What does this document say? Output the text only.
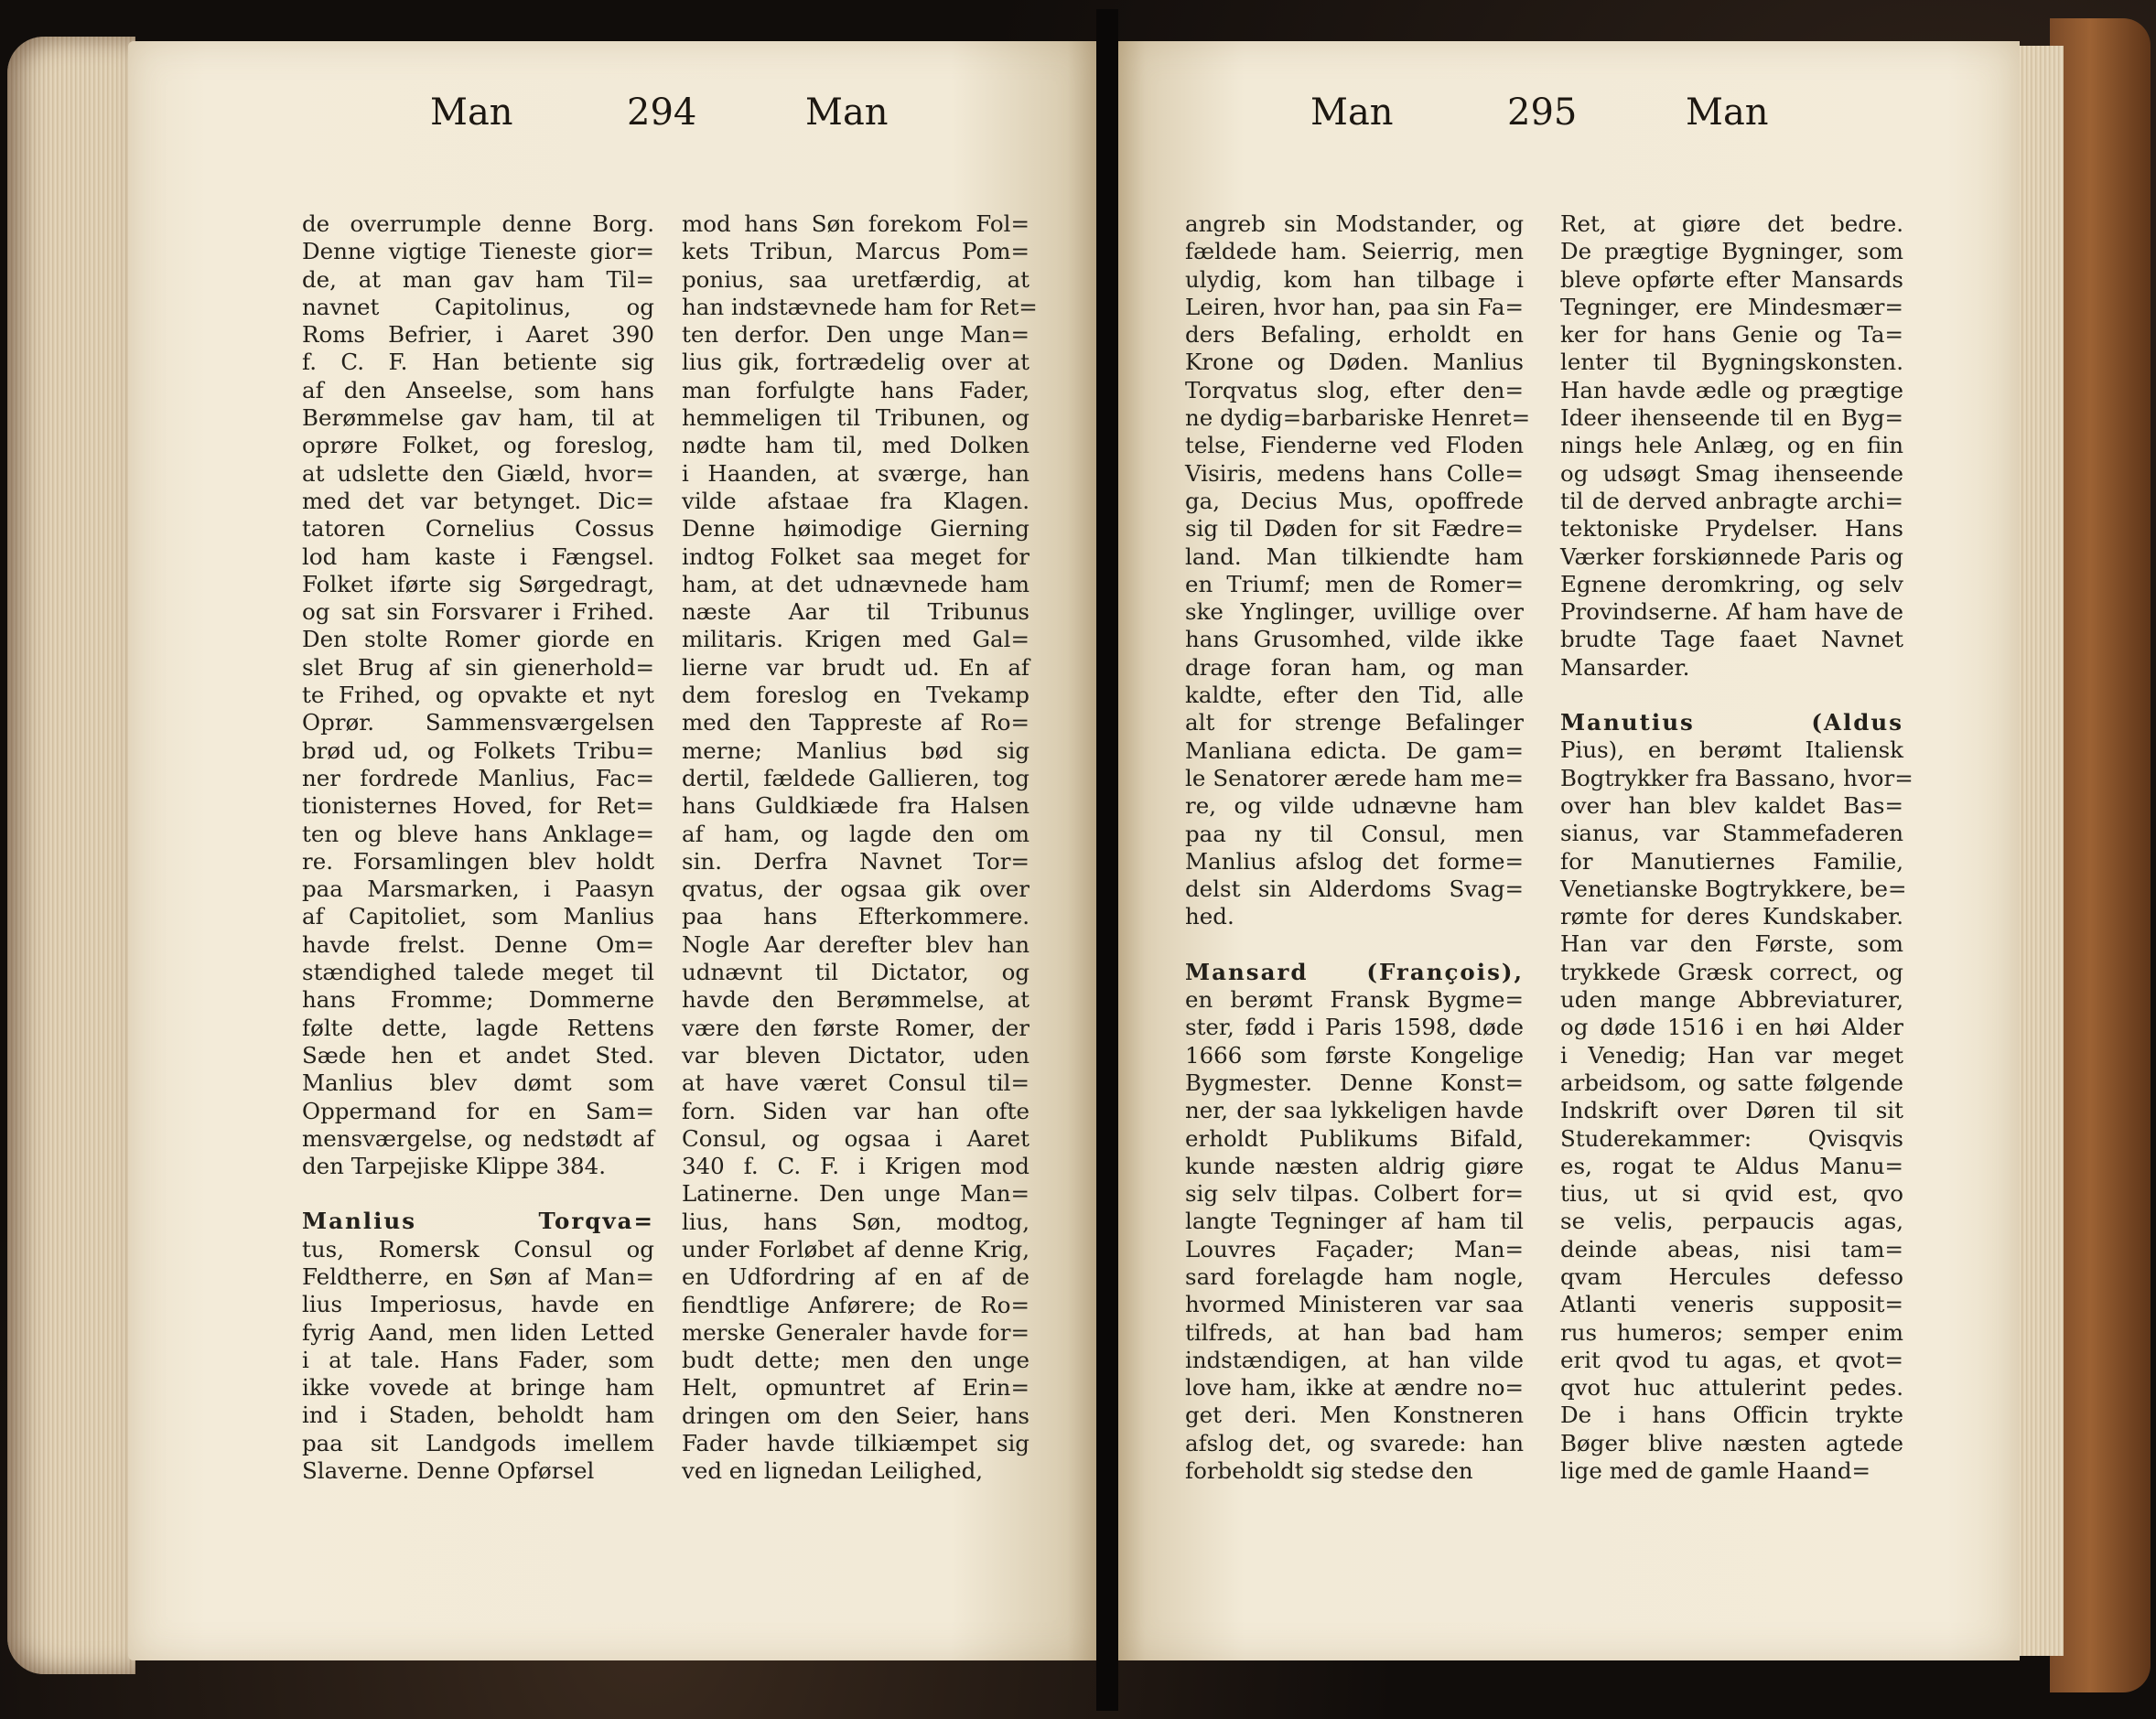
Man	294	Man	Man	295	Man
de overrumple denne Borg.
Denne vigtige Tieneste gior=
de, at man gav ham Til=
navnet Capitolinus, og
Roms Befrier, i Aaret 390
f. C. F. Han betiente sig
af den Anseelse, som hans
Berømmelse gav ham, til at
oprøre Folket, og foreslog,
at udslette den Giæld, hvor=
med det var betynget. Dic=
tatoren Cornelius Cossus
lod ham kaste i Fængsel.
Folket iførte sig Sørgedragt,
og sat sin Forsvarer i Frihed.
Den stolte Romer giorde en
slet Brug af sin gienerhold=
te Frihed, og opvakte et nyt
Oprør. Sammensværgelsen
brød ud, og Folkets Tribu=
ner fordrede Manlius, Fac=
tionisternes Hoved, for Ret=
ten og bleve hans Anklage=
re. Forsamlingen blev holdt
paa Marsmarken, i Paasyn
af Capitoliet, som Manlius
havde frelst. Denne Om=
stændighed talede meget til
hans Fromme; Dommerne
følte dette, lagde Rettens
Sæde hen et andet Sted.
Manlius blev dømt som
Oppermand for en Sam=
mensværgelse, og nedstødt af
den Tarpejiske Klippe 384.
Manlius Torqva=
tus, Romersk Consul og
Feldtherre, en Søn af Man=
lius Imperiosus, havde en
fyrig Aand, men liden Letted
i at tale. Hans Fader, som
ikke vovede at bringe ham
ind i Staden, beholdt ham
paa sit Landgods imellem
Slaverne. Denne Opførsel
mod hans Søn forekom Fol=
kets Tribun, Marcus Pom=
ponius, saa uretfærdig, at
han indstævnede ham for Ret=
ten derfor. Den unge Man=
lius gik, fortrædelig over at
man forfulgte hans Fader,
hemmeligen til Tribunen, og
nødte ham til, med Dolken
i Haanden, at sværge, han
vilde afstaae fra Klagen.
Denne høimodige Gierning
indtog Folket saa meget for
ham, at det udnævnede ham
næste Aar til Tribunus
militaris. Krigen med Gal=
lierne var brudt ud. En af
dem foreslog en Tvekamp
med den Tappreste af Ro=
merne; Manlius bød sig
dertil, fældede Gallieren, tog
hans Guldkiæde fra Halsen
af ham, og lagde den om
sin. Derfra Navnet Tor=
qvatus, der ogsaa gik over
paa hans Efterkommere.
Nogle Aar derefter blev han
udnævnt til Dictator, og
havde den Berømmelse, at
være den første Romer, der
var bleven Dictator, uden
at have været Consul til=
forn. Siden var han ofte
Consul, og ogsaa i Aaret
340 f. C. F. i Krigen mod
Latinerne. Den unge Man=
lius, hans Søn, modtog,
under Forløbet af denne Krig,
en Udfordring af en af de
fiendtlige Anførere; de Ro=
merske Generaler havde for=
budt dette; men den unge
Helt, opmuntret af Erin=
dringen om den Seier, hans
Fader havde tilkiæmpet sig
ved en lignedan Leilighed,
angreb sin Modstander, og
fældede ham. Seierrig, men
ulydig, kom han tilbage i
Leiren, hvor han, paa sin Fa=
ders Befaling, erholdt en
Krone og Døden. Manlius
Torqvatus slog, efter den=
ne dydig=barbariske Henret=
telse, Fienderne ved Floden
Visiris, medens hans Colle=
ga, Decius Mus, opoffrede
sig til Døden for sit Fædre=
land. Man tilkiendte ham
en Triumf; men de Romer=
ske Ynglinger, uvillige over
hans Grusomhed, vilde ikke
drage foran ham, og man
kaldte, efter den Tid, alle
alt for strenge Befalinger
Manliana edicta. De gam=
le Senatorer ærede ham me=
re, og vilde udnævne ham
paa ny til Consul, men
Manlius afslog det forme=
delst sin Alderdoms Svag=
hed.
Mansard (François),
en berømt Fransk Bygme=
ster, fødd i Paris 1598, døde
1666 som første Kongelige
Bygmester. Denne Konst=
ner, der saa lykkeligen havde
erholdt Publikums Bifald,
kunde næsten aldrig giøre
sig selv tilpas. Colbert for=
langte Tegninger af ham til
Louvres Façader; Man=
sard forelagde ham nogle,
hvormed Ministeren var saa
tilfreds, at han bad ham
indstændigen, at han vilde
love ham, ikke at ændre no=
get deri. Men Konstneren
afslog det, og svarede: han
forbeholdt sig stedse den
Ret, at giøre det bedre.
De prægtige Bygninger, som
bleve opførte efter Mansards
Tegninger, ere Mindesmær=
ker for hans Genie og Ta=
lenter til Bygningskonsten.
Han havde ædle og prægtige
Ideer ihenseende til en Byg=
nings hele Anlæg, og en fiin
og udsøgt Smag ihenseende
til de derved anbragte archi=
tektoniske Prydelser. Hans
Værker forskiønnede Paris og
Egnene deromkring, og selv
Provindserne. Af ham have de
brudte Tage faaet Navnet
Mansarder.
Manutius (Aldus
Pius), en berømt Italiensk
Bogtrykker fra Bassano, hvor=
over han blev kaldet Bas=
sianus, var Stammefaderen
for Manutiernes Familie,
Venetianske Bogtrykkere, be=
rømte for deres Kundskaber.
Han var den Første, som
trykkede Græsk correct, og
uden mange Abbreviaturer,
og døde 1516 i en høi Alder
i Venedig; Han var meget
arbeidsom, og satte følgende
Indskrift over Døren til sit
Studerekammer: Qvisqvis
es, rogat te Aldus Manu=
tius, ut si qvid est, qvo
se velis, perpaucis agas,
deinde abeas, nisi tam=
qvam Hercules defesso
Atlanti veneris supposit=
rus humeros; semper enim
erit qvod tu agas, et qvot=
qvot huc attulerint pedes.
De i hans Officin trykte
Bøger blive næsten agtede
lige med de gamle Haand=
